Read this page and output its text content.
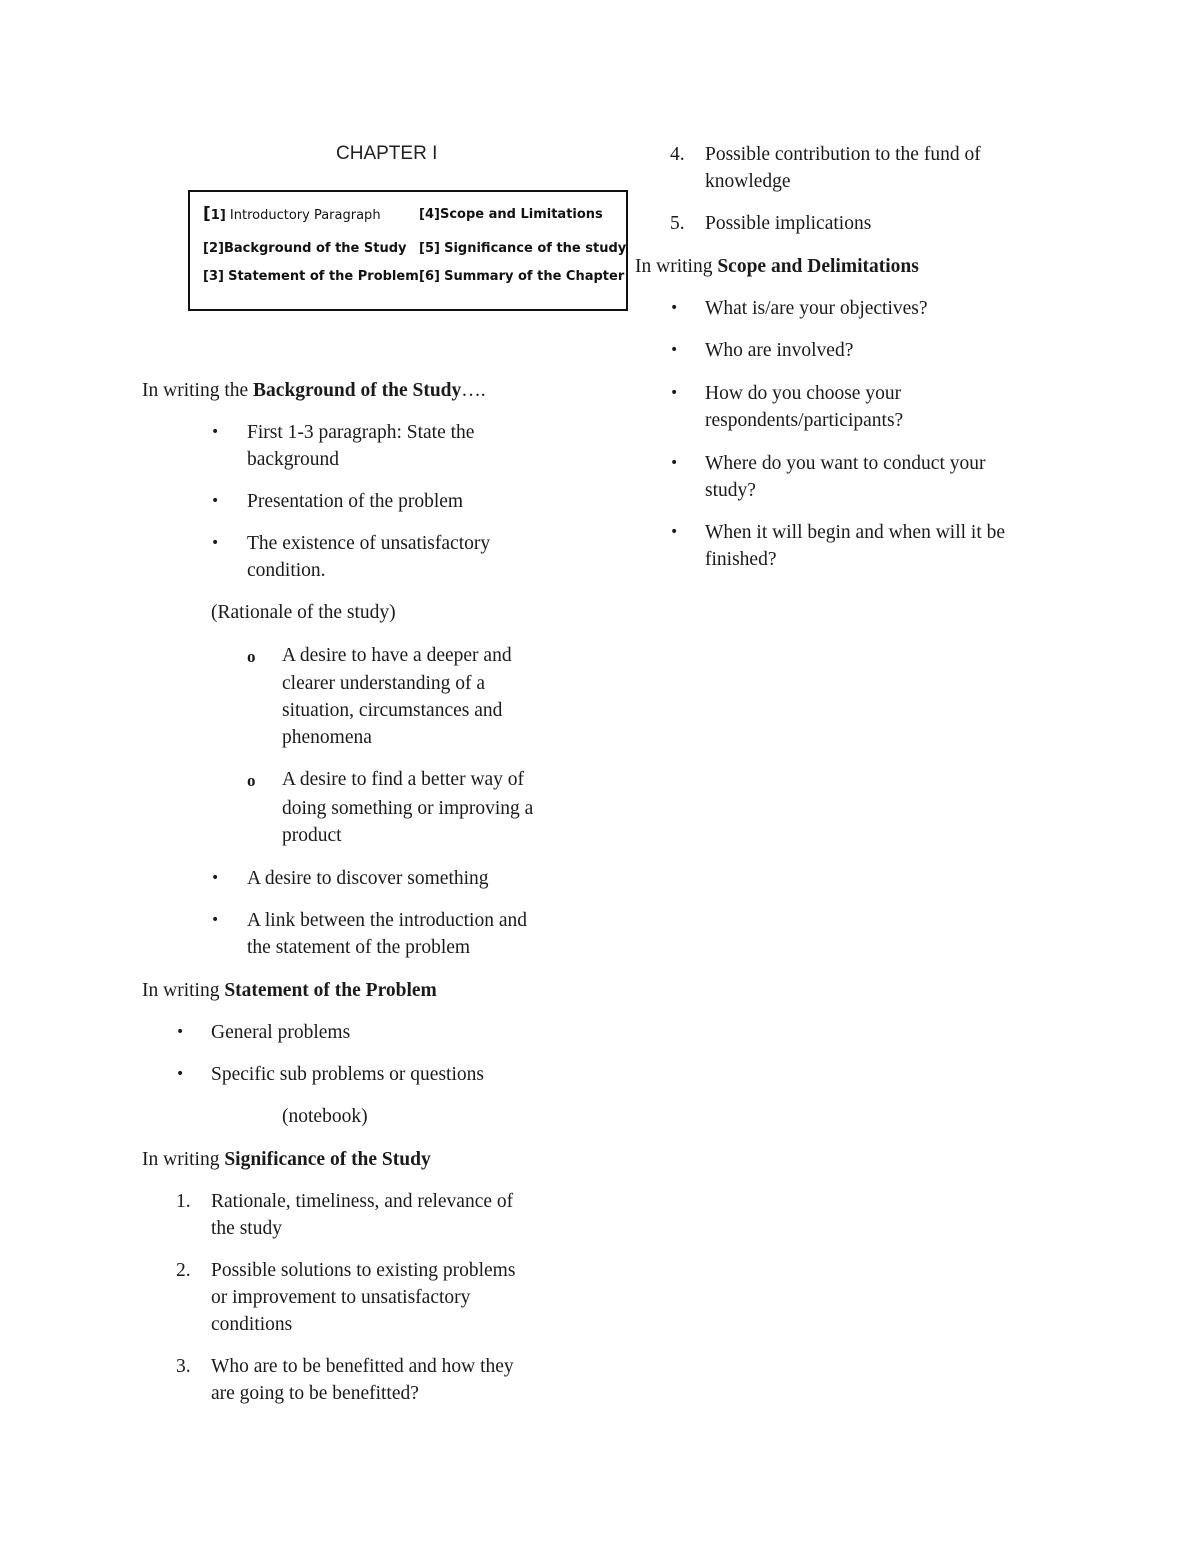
CHAPTER I
[1] Introductory Paragraph	[4]Scope and Limitations
[2]Background of the Study [5] Significance of the study
[3] Statement of the Problem [6] Summary of the Chapter
In writing the Background of the Study….
• First 1-3 paragraph: State the
background
• Presentation of the problem
• The existence of unsatisfactory
condition.
(Rationale of the study)
o A desire to have a deeper and
clearer understanding of a
situation, circumstances and
phenomena
o A desire to find a better way of
doing something or improving a
product
• A desire to discover something
• A link between the introduction and
the statement of the problem
In writing Statement of the Problem
• General problems
• Specific sub problems or questions
(notebook)
In writing Significance of the Study
1. Rationale, timeliness, and relevance of
the study
2. Possible solutions to existing problems
or improvement to unsatisfactory
conditions
3. Who are to be benefitted and how they
are going to be benefitted?
4. Possible contribution to the fund of
knowledge
5. Possible implications
In writing Scope and Delimitations
• What is/are your objectives?
• Who are involved?
• How do you choose your
respondents/participants?
• Where do you want to conduct your
study?
• When it will begin and when will it be
finished?
